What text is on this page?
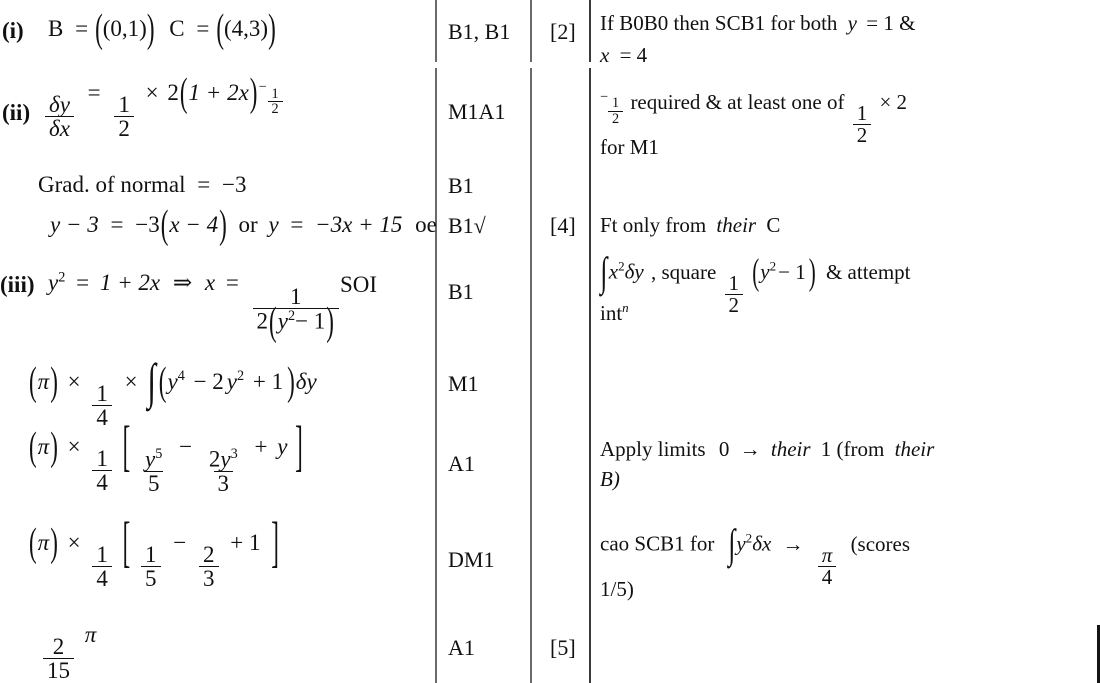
(i) B = ((0,1)) C = ((4,3))
$(ii) \frac{\delta y}{\delta x}$ =
$\frac{1}{2}$
× $2(1 + 2x)^{- \frac{1}{2}}$
Grad. of normal = −3
y − 3 = −3(x − 4) or y = −3x + 15 oe
(iii) $y^2 = 1 + 2x$ ⇒ x =
$\frac{1}{2(y^2- 1)}$
SOI
(π) ×
$\frac{1}{4}$
× ∫ ($y^4 - 2$ $y^2 + 1$ )δy
(π) ×
$\frac{1}{4}$ [ $\frac{y^5}{5}$
−
$\frac{2y^3}{3}$
+ y ]
(π) ×
$\frac{1}{4}$ [ $\frac{1}{5}$
−
$\frac{2}{3}$
+ 1 ]
$\frac{2}{15}$
π
B1, B1
M1A1
B1
B1√
B1
M1
A1
DM1
A1
[2]
[4]
[5]
If B0B0 then SCB1 for both y = 1 &
x = 4
$^{- \frac{1}{2}}$ required & at least one of
$\frac{1}{2}$
× 2
for M1
Ft only from their C
$\int x^2\delta y$ , square
$\frac{1}{2}$
($y^2- 1$ ) & attempt
int$^n$
Apply limits 0 → their 1 (from their
B)
cao SCB1 for $\int y^2\delta x$ →
$\frac{\pi}{4}$
(scores
1/5)
